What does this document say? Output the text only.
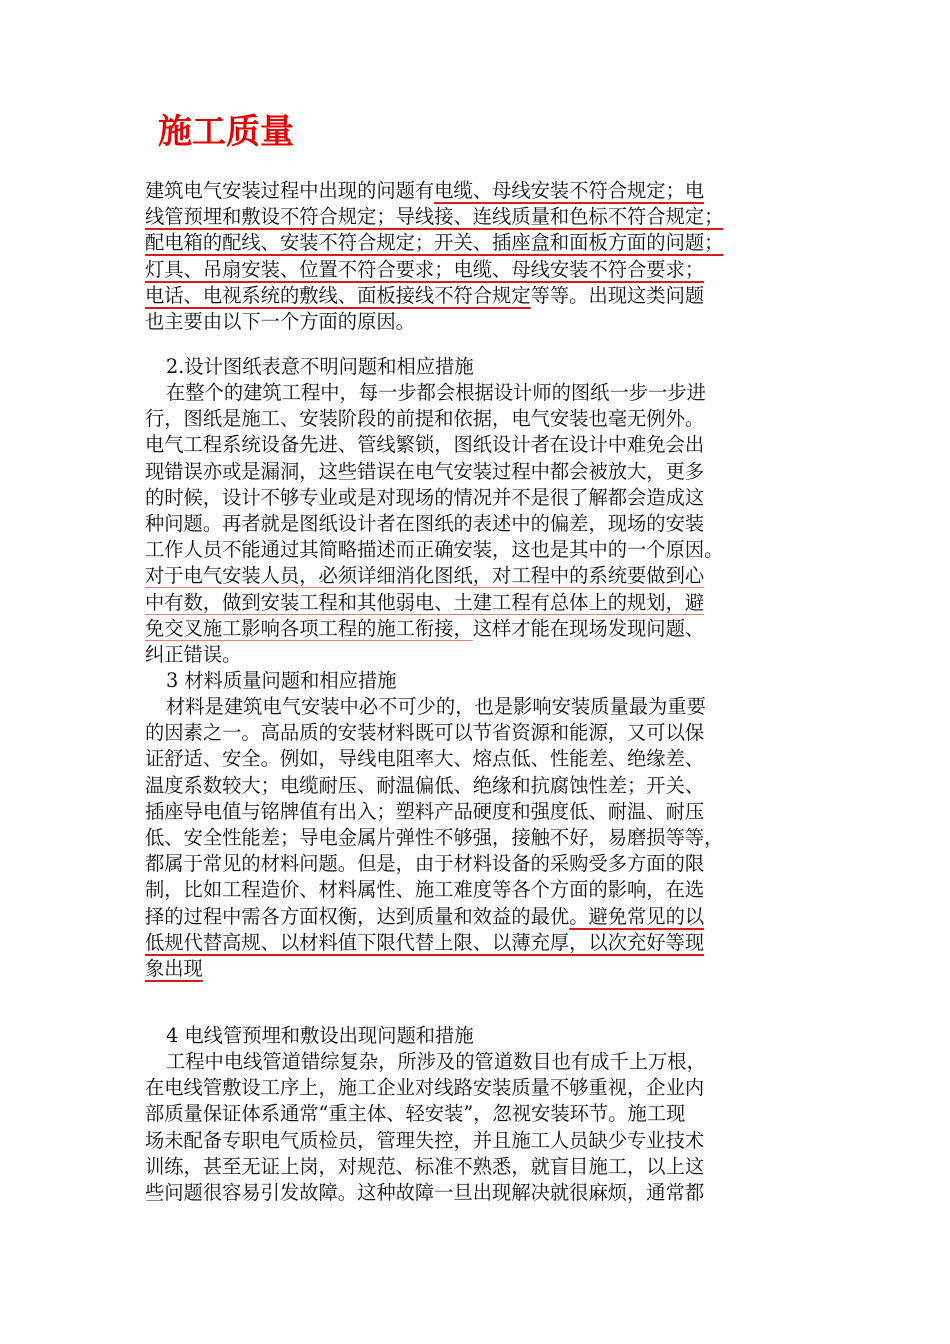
施工质量
建筑电气安装过程中出现的问题有电缆、母线安装不符合规定；电
线管预埋和敷设不符合规定；导线接、连线质量和色标不符合规定；
配电箱的配线、安装不符合规定；开关、插座盒和面板方面的问题；
灯具、吊扇安装、位置不符合要求；电缆、母线安装不符合要求；
电话、电视系统的敷线、面板接线不符合规定等等。出现这类问题
也主要由以下一个方面的原因。
2.设计图纸表意不明问题和相应措施
在整个的建筑工程中，每一步都会根据设计师的图纸一步一步进
行，图纸是施工、安装阶段的前提和依据，电气安装也毫无例外。
电气工程系统设备先进、管线繁锁，图纸设计者在设计中难免会出
现错误亦或是漏洞，这些错误在电气安装过程中都会被放大，更多
的时候，设计不够专业或是对现场的情况并不是很了解都会造成这
种问题。再者就是图纸设计者在图纸的表述中的偏差，现场的安装
工作人员不能通过其简略描述而正确安装，这也是其中的一个原因。
对于电气安装人员，必须详细消化图纸，对工程中的系统要做到心
中有数，做到安装工程和其他弱电、土建工程有总体上的规划，避
免交叉施工影响各项工程的施工衔接，这样才能在现场发现问题、
纠正错误。
3 材料质量问题和相应措施
材料是建筑电气安装中必不可少的，也是影响安装质量最为重要
的因素之一。高品质的安装材料既可以节省资源和能源，又可以保
证舒适、安全。例如，导线电阻率大、熔点低、性能差、绝缘差、
温度系数较大；电缆耐压、耐温偏低、绝缘和抗腐蚀性差；开关、
插座导电值与铭牌值有出入；塑料产品硬度和强度低、耐温、耐压
低、安全性能差；导电金属片弹性不够强，接触不好，易磨损等等，
都属于常见的材料问题。但是，由于材料设备的采购受多方面的限
制，比如工程造价、材料属性、施工难度等各个方面的影响，在选
择的过程中需各方面权衡，达到质量和效益的最优。避免常见的以
低规代替高规、以材料值下限代替上限、以薄充厚，以次充好等现
象出现
4 电线管预埋和敷设出现问题和措施
工程中电线管道错综复杂，所涉及的管道数目也有成千上万根，
在电线管敷设工序上，施工企业对线路安装质量不够重视，企业内
部质量保证体系通常“重主体、轻安装”，忽视安装环节。施工现
场未配备专职电气质检员，管理失控，并且施工人员缺少专业技术
训练，甚至无证上岗，对规范、标准不熟悉，就盲目施工，以上这
些问题很容易引发故障。这种故障一旦出现解决就很麻烦，通常都
